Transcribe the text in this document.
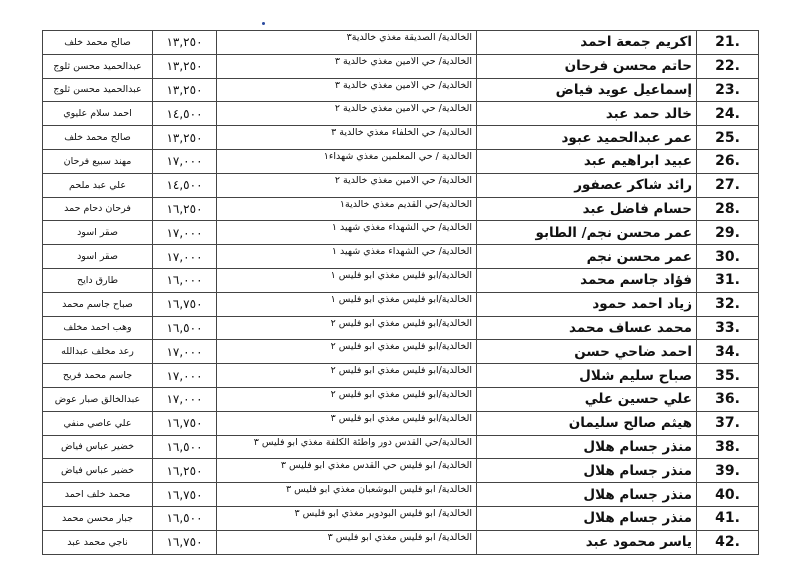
صالح محمد خلف	١٣,٢٥٠	الخالدية/ الصديقة مغذي خالدية٣	اكريم جمعة احمد	21.
عبدالحميد محسن ثلوج	١٣,٢٥٠	الخالدية/ حي الامين مغذي خالدية ٣	حاتم محسن فرحان	22.
عبدالحميد محسن ثلوج	١٣,٢٥٠	الخالدية/ حي الامين مغذي خالدية ٣	إسماعيل عويد فياض	23.
احمد سلام عليوي	١٤,٥٠٠	الخالدية/ حي الامين مغذي خالدية ٢	خالد حمد عبد	24.
صالح محمد خلف	١٣,٢٥٠	الخالدية/ حي الخلفاء مغذي خالدية ٣	عمر عبدالحميد عبود	25.
مهند سبيع فرحان	١٧,٠٠٠	الخالدية / حي المعلمين مغذي شهداء١	عبيد ابراهيم عبد	26.
علي عبد ملحم	١٤,٥٠٠	الخالدية/ حي الامين مغذي خالدية ٢	رائد شاكر عصفور	27.
فرحان دحام حمد	١٦,٢٥٠	الخالدية/حي القديم مغذي خالدية١	حسام فاضل عبد	28.
صقر اسود	١٧,٠٠٠	الخالدية/ حي الشهداء مغذي شهيد ١	عمر محسن نجم/ الطابو	29.
صقر اسود	١٧,٠٠٠	الخالدية/ حي الشهداء مغذي شهيد ١	عمر محسن نجم	30.
طارق دايح	١٦,٠٠٠	الخالدية/ابو فليس مغذي ابو فليس ١	فؤاد جاسم محمد	31.
صباح جاسم محمد	١٦,٧٥٠	الخالدية/ابو فليس مغذي ابو فليس ١	زياد احمد حمود	32.
وهب احمد مخلف	١٦,٥٠٠	الخالدية/ابو فليس مغذي ابو فليس ٢	محمد عساف محمد	33.
رعد مخلف عبدالله	١٧,٠٠٠	الخالدية/ابو فليس مغذي ابو فليس ٢	احمد ضاحي حسن	34.
جاسم محمد فريح	١٧,٠٠٠	الخالدية/ابو فليس مغذي ابو فليس ٢	صباح سليم شلال	35.
عبدالخالق صبار عوض	١٧,٠٠٠	الخالدية/ابو فليس مغذي ابو فليس ٢	علي حسين علي	36.
علي عاصي منفي	١٦,٧٥٠	الخالدية/ابو فليس مغذي ابو فليس ٣	هيثم صالح سليمان	37.
خضير عباس فياض	١٦,٥٠٠	الخالدية/حي القدس دور واطئة الكلفة مغذي ابو فليس ٣	منذر جسام هلال	38.
خضير عباس فياض	١٦,٢٥٠	الخالدية/ ابو فليس حي القدس مغذي ابو فليس ٣	منذر جسام هلال	39.
محمد خلف احمد	١٦,٧٥٠	الخالدية/ ابو فليس البوشعبان مغذي ابو فليس ٣	منذر جسام هلال	40.
جبار محسن محمد	١٦,٥٠٠	الخالدية/ ابو فليس البودوير مغذي ابو فليس ٣	منذر جسام هلال	41.
ناجي محمد عبد	١٦,٧٥٠	الخالدية/ ابو فليس مغذي ابو فليس ٣	ياسر محمود عبد	42.
